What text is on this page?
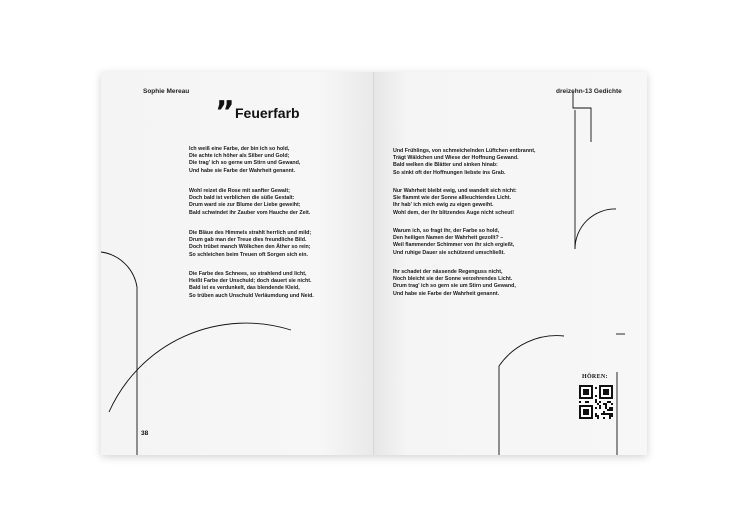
Sophie Mereau
” Feuerfarb
Ich weiß eine Farbe, der bin ich so hold,
Die achte ich höher als Silber und Gold;
Die trag' ich so gerne um Stirn und Gewand,
Und habe sie Farbe der Wahrheit genannt.
Wohl reizet die Rose mit sanfter Gewalt;
Doch bald ist verblichen die süße Gestalt:
Drum ward sie zur Blume der Liebe geweiht;
Bald schwindet ihr Zauber vom Hauche der Zeit.
Die Bläue des Himmels strahlt herrlich und mild;
Drum gab man der Treue dies freundliche Bild.
Doch trübet manch Wölkchen den Äther so rein;
So schleichen beim Treuen oft Sorgen sich ein.
Die Farbe des Schnees, so strahlend und licht,
Heißt Farbe der Unschuld; doch dauert sie nicht.
Bald ist es verdunkelt, das blendende Kleid,
So trüben auch Unschuld Verläumdung und Neid.
38
dreizehn-13 Gedichte
Und Frühlings, von schmeichelnden Lüftchen entbrannt,
Trägt Wäldchen und Wiese der Hoffnung Gewand.
Bald welken die Blätter und sinken hinab:
So sinkt oft der Hoffnungen liebste ins Grab.
Nur Wahrheit bleibt ewig, und wandelt sich nicht:
Sie flammt wie der Sonne allleuchtendes Licht.
Ihr hab' ich mich ewig zu eigen geweiht.
Wohl dem, der ihr blitzendes Auge nicht scheut!
Warum ich, so fragt ihr, der Farbe so hold,
Den heiligen Namen der Wahrheit gezollt? –
Weil flammender Schimmer von ihr sich ergießt,
Und ruhige Dauer sie schützend umschließt.
Ihr schadet der nässende Regenguss nicht,
Noch bleicht sie der Sonne verzehrendes Licht.
Drum trag' ich so gern sie um Stirn und Gewand,
Und habe sie Farbe der Wahrheit genannt.
HÖREN:
